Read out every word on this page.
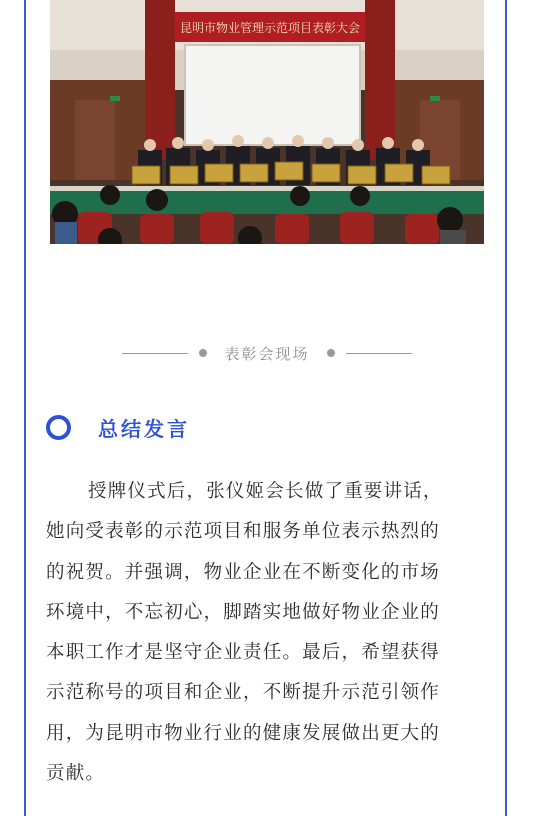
昆明市物业管理示范项目表彰大会
表彰会现场
总结发言

授牌仪式后，张仪姬会长做了重要讲话，
她向受表彰的示范项目和服务单位表示热烈的
的祝贺。并强调，物业企业在不断变化的市场
环境中，不忘初心，脚踏实地做好物业企业的
本职工作才是坚守企业责任。最后，希望获得
示范称号的项目和企业，不断提升示范引领作
用，为昆明市物业行业的健康发展做出更大的
贡献。
